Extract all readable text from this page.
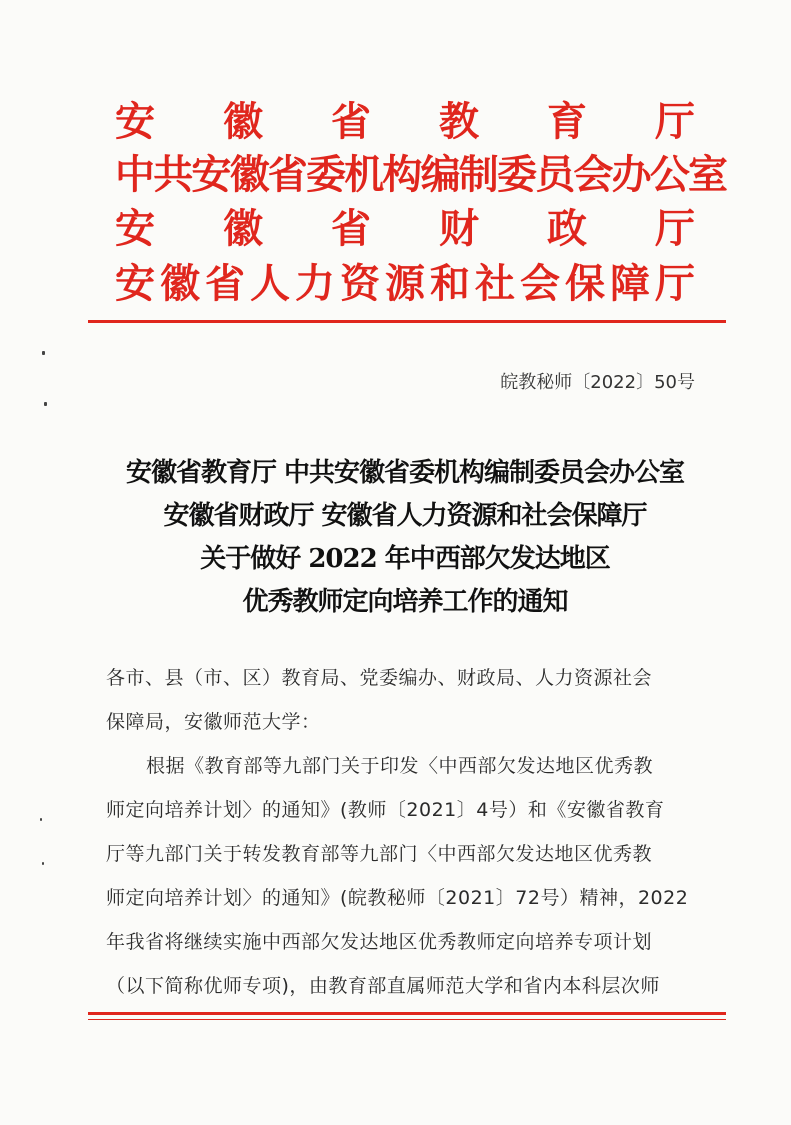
安 徽 省 教 育 厅
中共安徽省委机构编制委员会办公室
安 徽 省 财 政 厅
安 徽 省 人 力 资 源 和 社 会 保 障 厅
皖教秘师〔2022〕50号
安徽省教育厅 中共安徽省委机构编制委员会办公室
安徽省财政厅 安徽省人力资源和社会保障厅
关于做好 2022 年中西部欠发达地区
优秀教师定向培养工作的通知
各市、县（市、区）教育局、党委编办、财政局、人力资源社会
保障局，安徽师范大学：
根据《教育部等九部门关于印发〈中西部欠发达地区优秀教
师定向培养计划〉的通知》(教师〔2021〕4号）和《安徽省教育
厅等九部门关于转发教育部等九部门〈中西部欠发达地区优秀教
师定向培养计划〉的通知》(皖教秘师〔2021〕72号）精神，2022
年我省将继续实施中西部欠发达地区优秀教师定向培养专项计划
（以下简称优师专项)，由教育部直属师范大学和省内本科层次师
